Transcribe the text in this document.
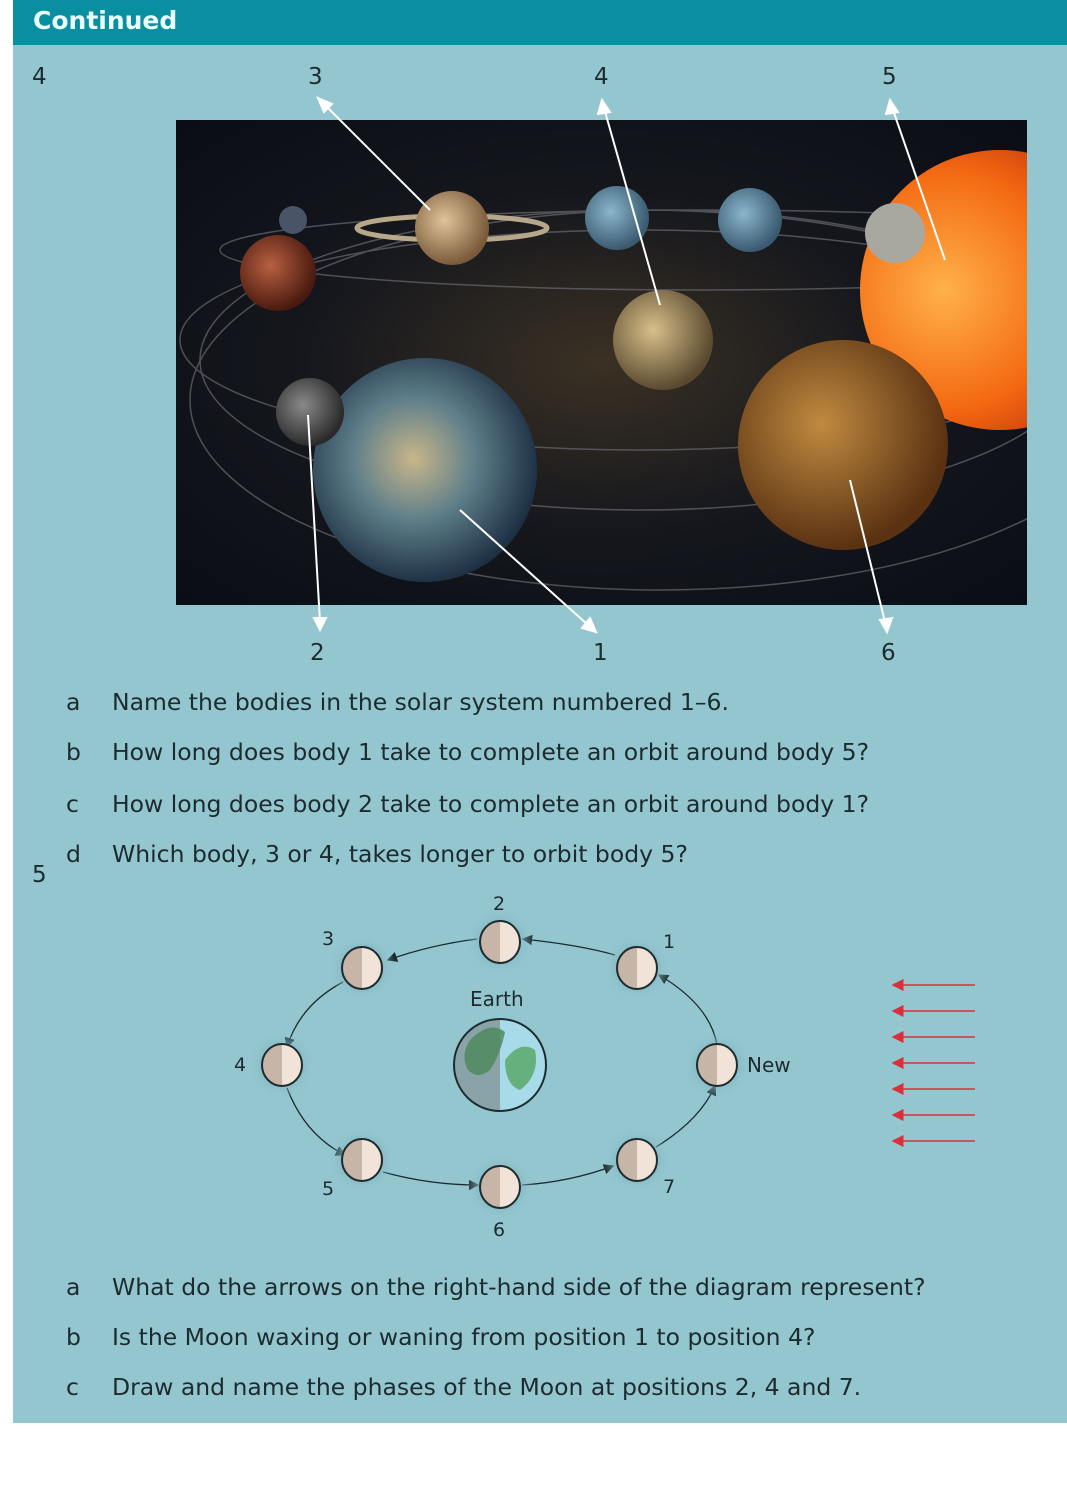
Continued
4	3	4	5
2	1	6
a Name the bodies in the solar system numbered 1–6.
b How long does body 1 take to complete an orbit around body 5?
c How long does body 2 take to complete an orbit around body 1?
d Which body, 3 or 4, takes longer to orbit body 5?
5
Earth
1
2
3
4
5
6
7
New
a What do the arrows on the right-hand side of the diagram represent?
b Is the Moon waxing or waning from position 1 to position 4?
c Draw and name the phases of the Moon at positions 2, 4 and 7.
